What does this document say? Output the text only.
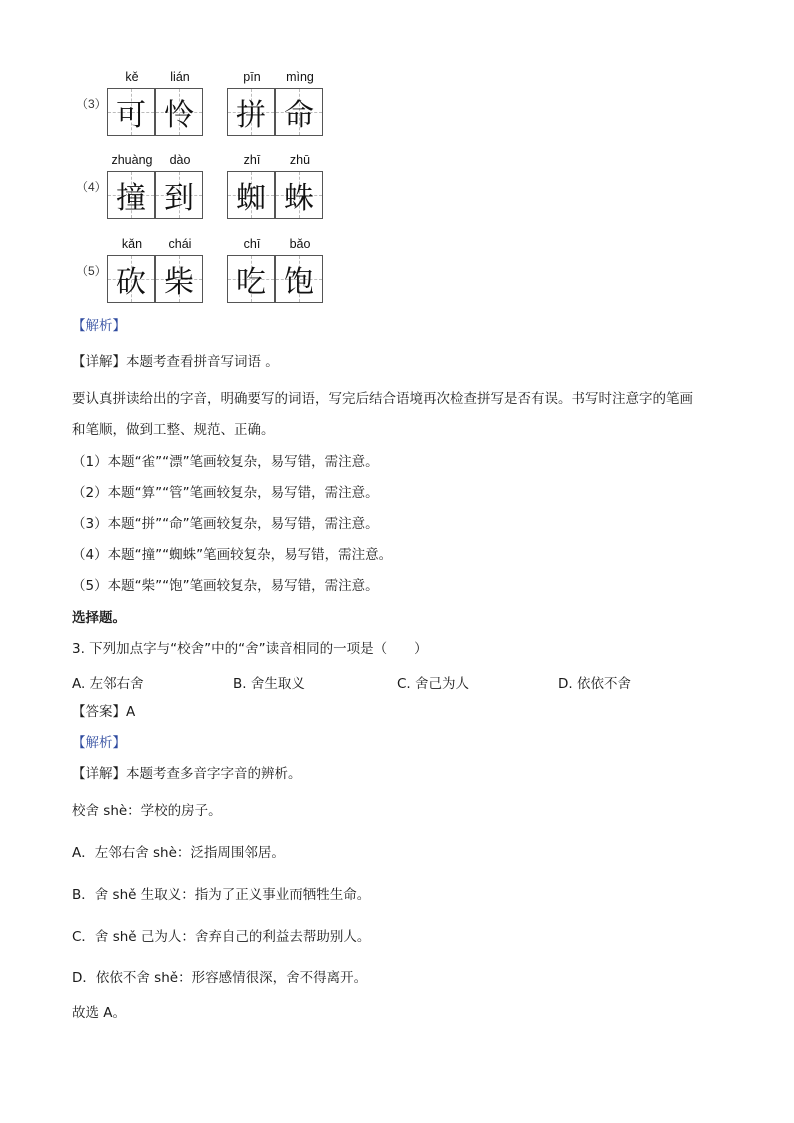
（3）
kě	lián
可 怜
pīn	mìng
拼 命
（4）
zhuàng	dào
撞 到
zhī	zhū
蜘 蛛
（5）
kǎn	chái
砍 柴
chī	bǎo
吃 饱
【解析】
【详解】本题考查看拼音写词语 。
要认真拼读给出的字音，明确要写的词语，写完后结合语境再次检查拼写是否有误。书写时注意字的笔画
和笔顺，做到工整、规范、正确。
（1）本题“雀”“漂”笔画较复杂，易写错，需注意。
（2）本题“算”“管”笔画较复杂，易写错，需注意。
（3）本题“拼”“命”笔画较复杂，易写错，需注意。
（4）本题“撞”“蜘蛛”笔画较复杂，易写错，需注意。
（5）本题“柴”“饱”笔画较复杂，易写错，需注意。
选择题。
3. 下列加点字与“校舍”中的“舍”读音相同的一项是（　　）
A. 左邻右舍	B. 舍生取义	C. 舍己为人	D. 依依不舍
【答案】A
【解析】
【详解】本题考查多音字字音的辨析。
校舍 shè：学校的房子。
A．左邻右舍 shè：泛指周围邻居。
B．舍 shě 生取义：指为了正义事业而牺牲生命。
C．舍 shě 己为人：舍弃自己的利益去帮助别人。
D．依依不舍 shě：形容感情很深，舍不得离开。
故选 A。
